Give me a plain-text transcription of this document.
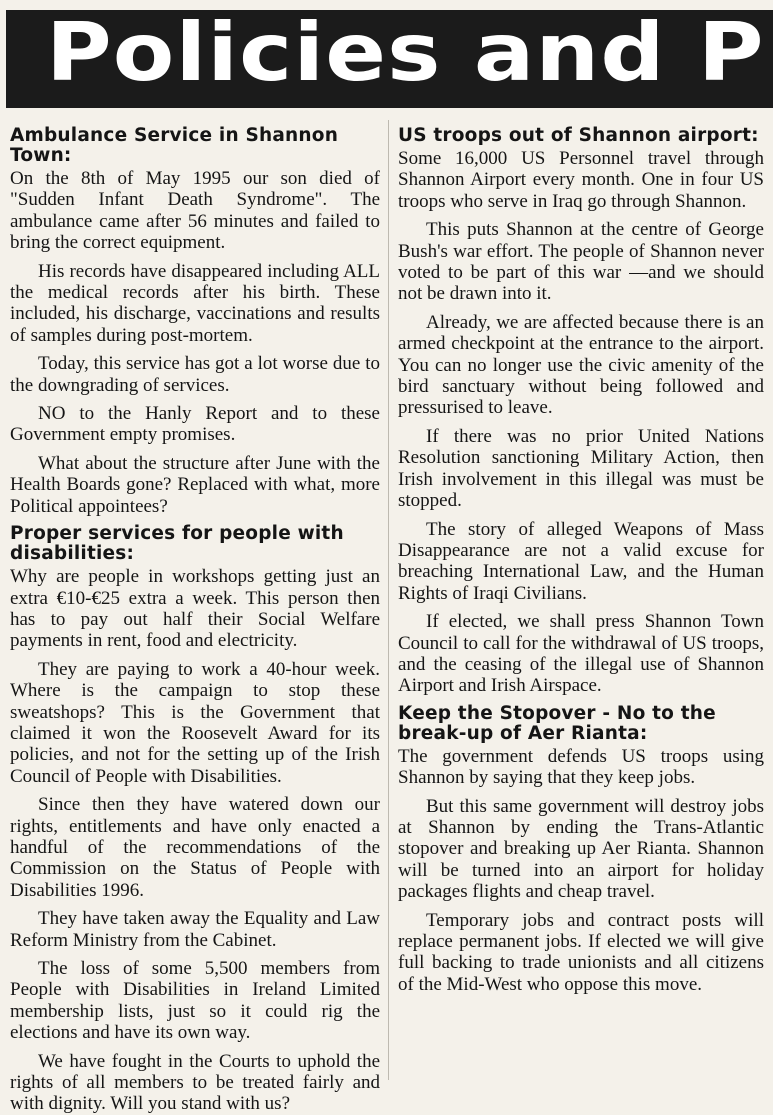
Policies and P
Ambulance Service in Shannon Town:

On the 8th of May 1995 our son died of "Sudden Infant Death Syndrome". The ambulance came after 56 minutes and failed to bring the correct equipment.

His records have disappeared including ALL the medical records after his birth. These included, his discharge, vaccinations and results of samples during post-mortem.

Today, this service has got a lot worse due to the downgrading of services.

NO to the Hanly Report and to these Government empty promises.

What about the structure after June with the Health Boards gone? Replaced with what, more Political appointees?

Proper services for people with disabilities:

Why are people in workshops getting just an extra €10-€25 extra a week. This person then has to pay out half their Social Welfare payments in rent, food and electricity.

They are paying to work a 40-hour week. Where is the campaign to stop these sweatshops? This is the Government that claimed it won the Roosevelt Award for its policies, and not for the setting up of the Irish Council of People with Disabilities.

Since then they have watered down our rights, entitlements and have only enacted a handful of the recommendations of the Commission on the Status of People with Disabilities 1996.

They have taken away the Equality and Law Reform Ministry from the Cabinet.

The loss of some 5,500 members from People with Disabilities in Ireland Limited membership lists, just so it could rig the elections and have its own way.

We have fought in the Courts to uphold the rights of all members to be treated fairly and with dignity. Will you stand with us?

US troops out of Shannon airport:

Some 16,000 US Personnel travel through Shannon Airport every month. One in four US troops who serve in Iraq go through Shannon.

This puts Shannon at the centre of George Bush's war effort. The people of Shannon never voted to be part of this war —and we should not be drawn into it.

Already, we are affected because there is an armed checkpoint at the entrance to the airport. You can no longer use the civic amenity of the bird sanctuary without being followed and pressurised to leave.

If there was no prior United Nations Resolution sanctioning Military Action, then Irish involvement in this illegal was must be stopped.

The story of alleged Weapons of Mass Disappearance are not a valid excuse for breaching International Law, and the Human Rights of Iraqi Civilians.

If elected, we shall press Shannon Town Council to call for the withdrawal of US troops, and the ceasing of the illegal use of Shannon Airport and Irish Airspace.

Keep the Stopover - No to the break-up of Aer Rianta:

The government defends US troops using Shannon by saying that they keep jobs.

But this same government will destroy jobs at Shannon by ending the Trans-Atlantic stopover and breaking up Aer Rianta. Shannon will be turned into an airport for holiday packages flights and cheap travel.

Temporary jobs and contract posts will replace permanent jobs. If elected we will give full backing to trade unionists and all citizens of the Mid-West who oppose this move.
